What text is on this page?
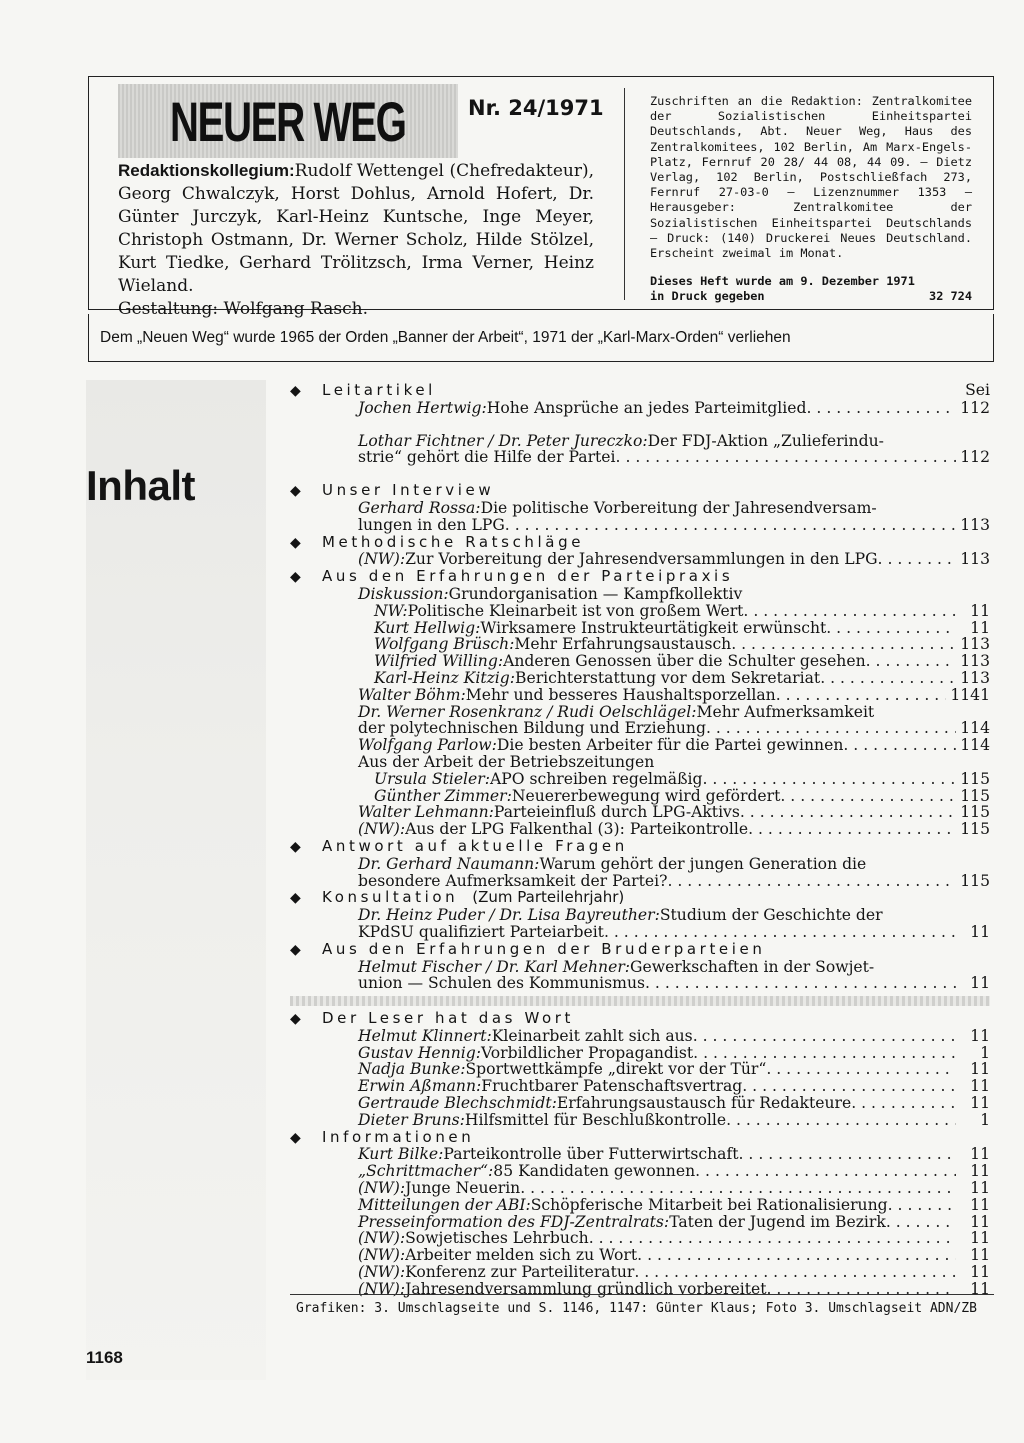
NEUER WEG	Nr. 24/1971
Redaktionskollegium:Rudolf Wettengel (Chefredakteur), Georg Chwalczyk, Horst Dohlus, Arnold Hofert, Dr. Günter Jurczyk, Karl-Heinz Kuntsche, Inge Meyer, Christoph Ostmann, Dr. Werner Scholz, Hilde Stölzel, Kurt Tiedke, Gerhard Trölitzsch, Irma Verner, Heinz Wieland.
Gestaltung: Wolfgang Rasch.
Zuschriften an die Redaktion: Zentralkomitee der Sozialistischen Einheitspartei Deutschlands, Abt. Neuer Weg, Haus des Zentralkomitees, 102 Berlin, Am Marx-Engels-Platz, Fernruf 20 28/ 44 08, 44 09. — Dietz Verlag, 102 Berlin, Postschließfach 273, Fernruf 27-03-0 — Lizenznummer 1353 — Herausgeber: Zentralkomitee der Sozialistischen Einheitspartei Deutschlands — Druck: (140) Druckerei Neues Deutschland. Erscheint zweimal im Monat.
Dieses Heft wurde am 9. Dezember 1971
in Druck gegeben	32 724
Dem „Neuen Weg“ wurde 1965 der Orden „Banner der Arbeit“, 1971 der „Karl-Marx-Orden“ verliehen
Inhalt
1168
◆	Leitartikel	Sei
Jochen Hertwig: Hohe Ansprüche an jedes Parteimitglied . . .	112
Lothar Fichtner / Dr. Peter Jureczko: Der FDJ-Aktion „Zulieferindu-
strie“ gehört die Hilfe der Partei . . .	112
◆	Unser Interview
Gerhard Rossa: Die politische Vorbereitung der Jahresendversam-
lungen in den LPG . . .	113
◆	Methodische Ratschläge
(NW): Zur Vorbereitung der Jahresendversammlungen in den LPG . . .	113
◆	Aus den Erfahrungen der Parteipraxis
Diskussion: Grundorganisation — Kampfkollektiv
NW: Politische Kleinarbeit ist von großem Wert . . .	11
Kurt Hellwig: Wirksamere Instrukteurtätigkeit erwünscht . . .	11
Wolfgang Brüsch: Mehr Erfahrungsaustausch . . .	113
Wilfried Willing: Anderen Genossen über die Schulter gesehen . . .	113
Karl-Heinz Kitzig: Berichterstattung vor dem Sekretariat . . .	113
Walter Böhm: Mehr und besseres Haushaltsporzellan . . .	1141
Dr. Werner Rosenkranz / Rudi Oelschlägel: Mehr Aufmerksamkeit
der polytechnischen Bildung und Erziehung . . .	114
Wolfgang Parlow: Die besten Arbeiter für die Partei gewinnen . . .	114
Aus der Arbeit der Betriebszeitungen
Ursula Stieler: APO schreiben regelmäßig . . .	115
Günther Zimmer: Neuererbewegung wird gefördert . . .	115
Walter Lehmann: Parteieinfluß durch LPG-Aktivs . . .	115
(NW): Aus der LPG Falkenthal (3): Parteikontrolle . . .	115
◆	Antwort auf aktuelle Fragen
Dr. Gerhard Naumann: Warum gehört der jungen Generation die
besondere Aufmerksamkeit der Partei? . . .	115
◆	Konsultation (Zum Parteilehrjahr)
Dr. Heinz Puder / Dr. Lisa Bayreuther: Studium der Geschichte der
KPdSU qualifiziert Parteiarbeit . . .	11
◆	Aus den Erfahrungen der Bruderparteien
Helmut Fischer / Dr. Karl Mehner: Gewerkschaften in der Sowjet-
union — Schulen des Kommunismus . . .	11
◆	Der Leser hat das Wort
Helmut Klinnert: Kleinarbeit zahlt sich aus . . .	11
Gustav Hennig: Vorbildlicher Propagandist . . .	1
Nadja Bunke: Sportwettkämpfe „direkt vor der Tür“ . . .	11
Erwin Aßmann: Fruchtbarer Patenschaftsvertrag . . .	11
Gertraude Blechschmidt: Erfahrungsaustausch für Redakteure . . .	11
Dieter Bruns: Hilfsmittel für Beschlußkontrolle . . .	1
◆	Informationen
Kurt Bilke: Parteikontrolle über Futterwirtschaft . . .	11
„Schrittmacher“: 85 Kandidaten gewonnen . . .	11
(NW): Junge Neuerin . . .	11
Mitteilungen der ABI: Schöpferische Mitarbeit bei Rationalisierung . . .	11
Presseinformation des FDJ-Zentralrats: Taten der Jugend im Bezirk . . .	11
(NW): Sowjetisches Lehrbuch . . .	11
(NW): Arbeiter melden sich zu Wort . . .	11
(NW): Konferenz zur Parteiliteratur . . .	11
(NW): Jahresendversammlung gründlich vorbereitet . . .	11
Grafiken: 3. Umschlagseite und S. 1146, 1147: Günter Klaus; Foto 3. Umschlagseit ADN/ZB
